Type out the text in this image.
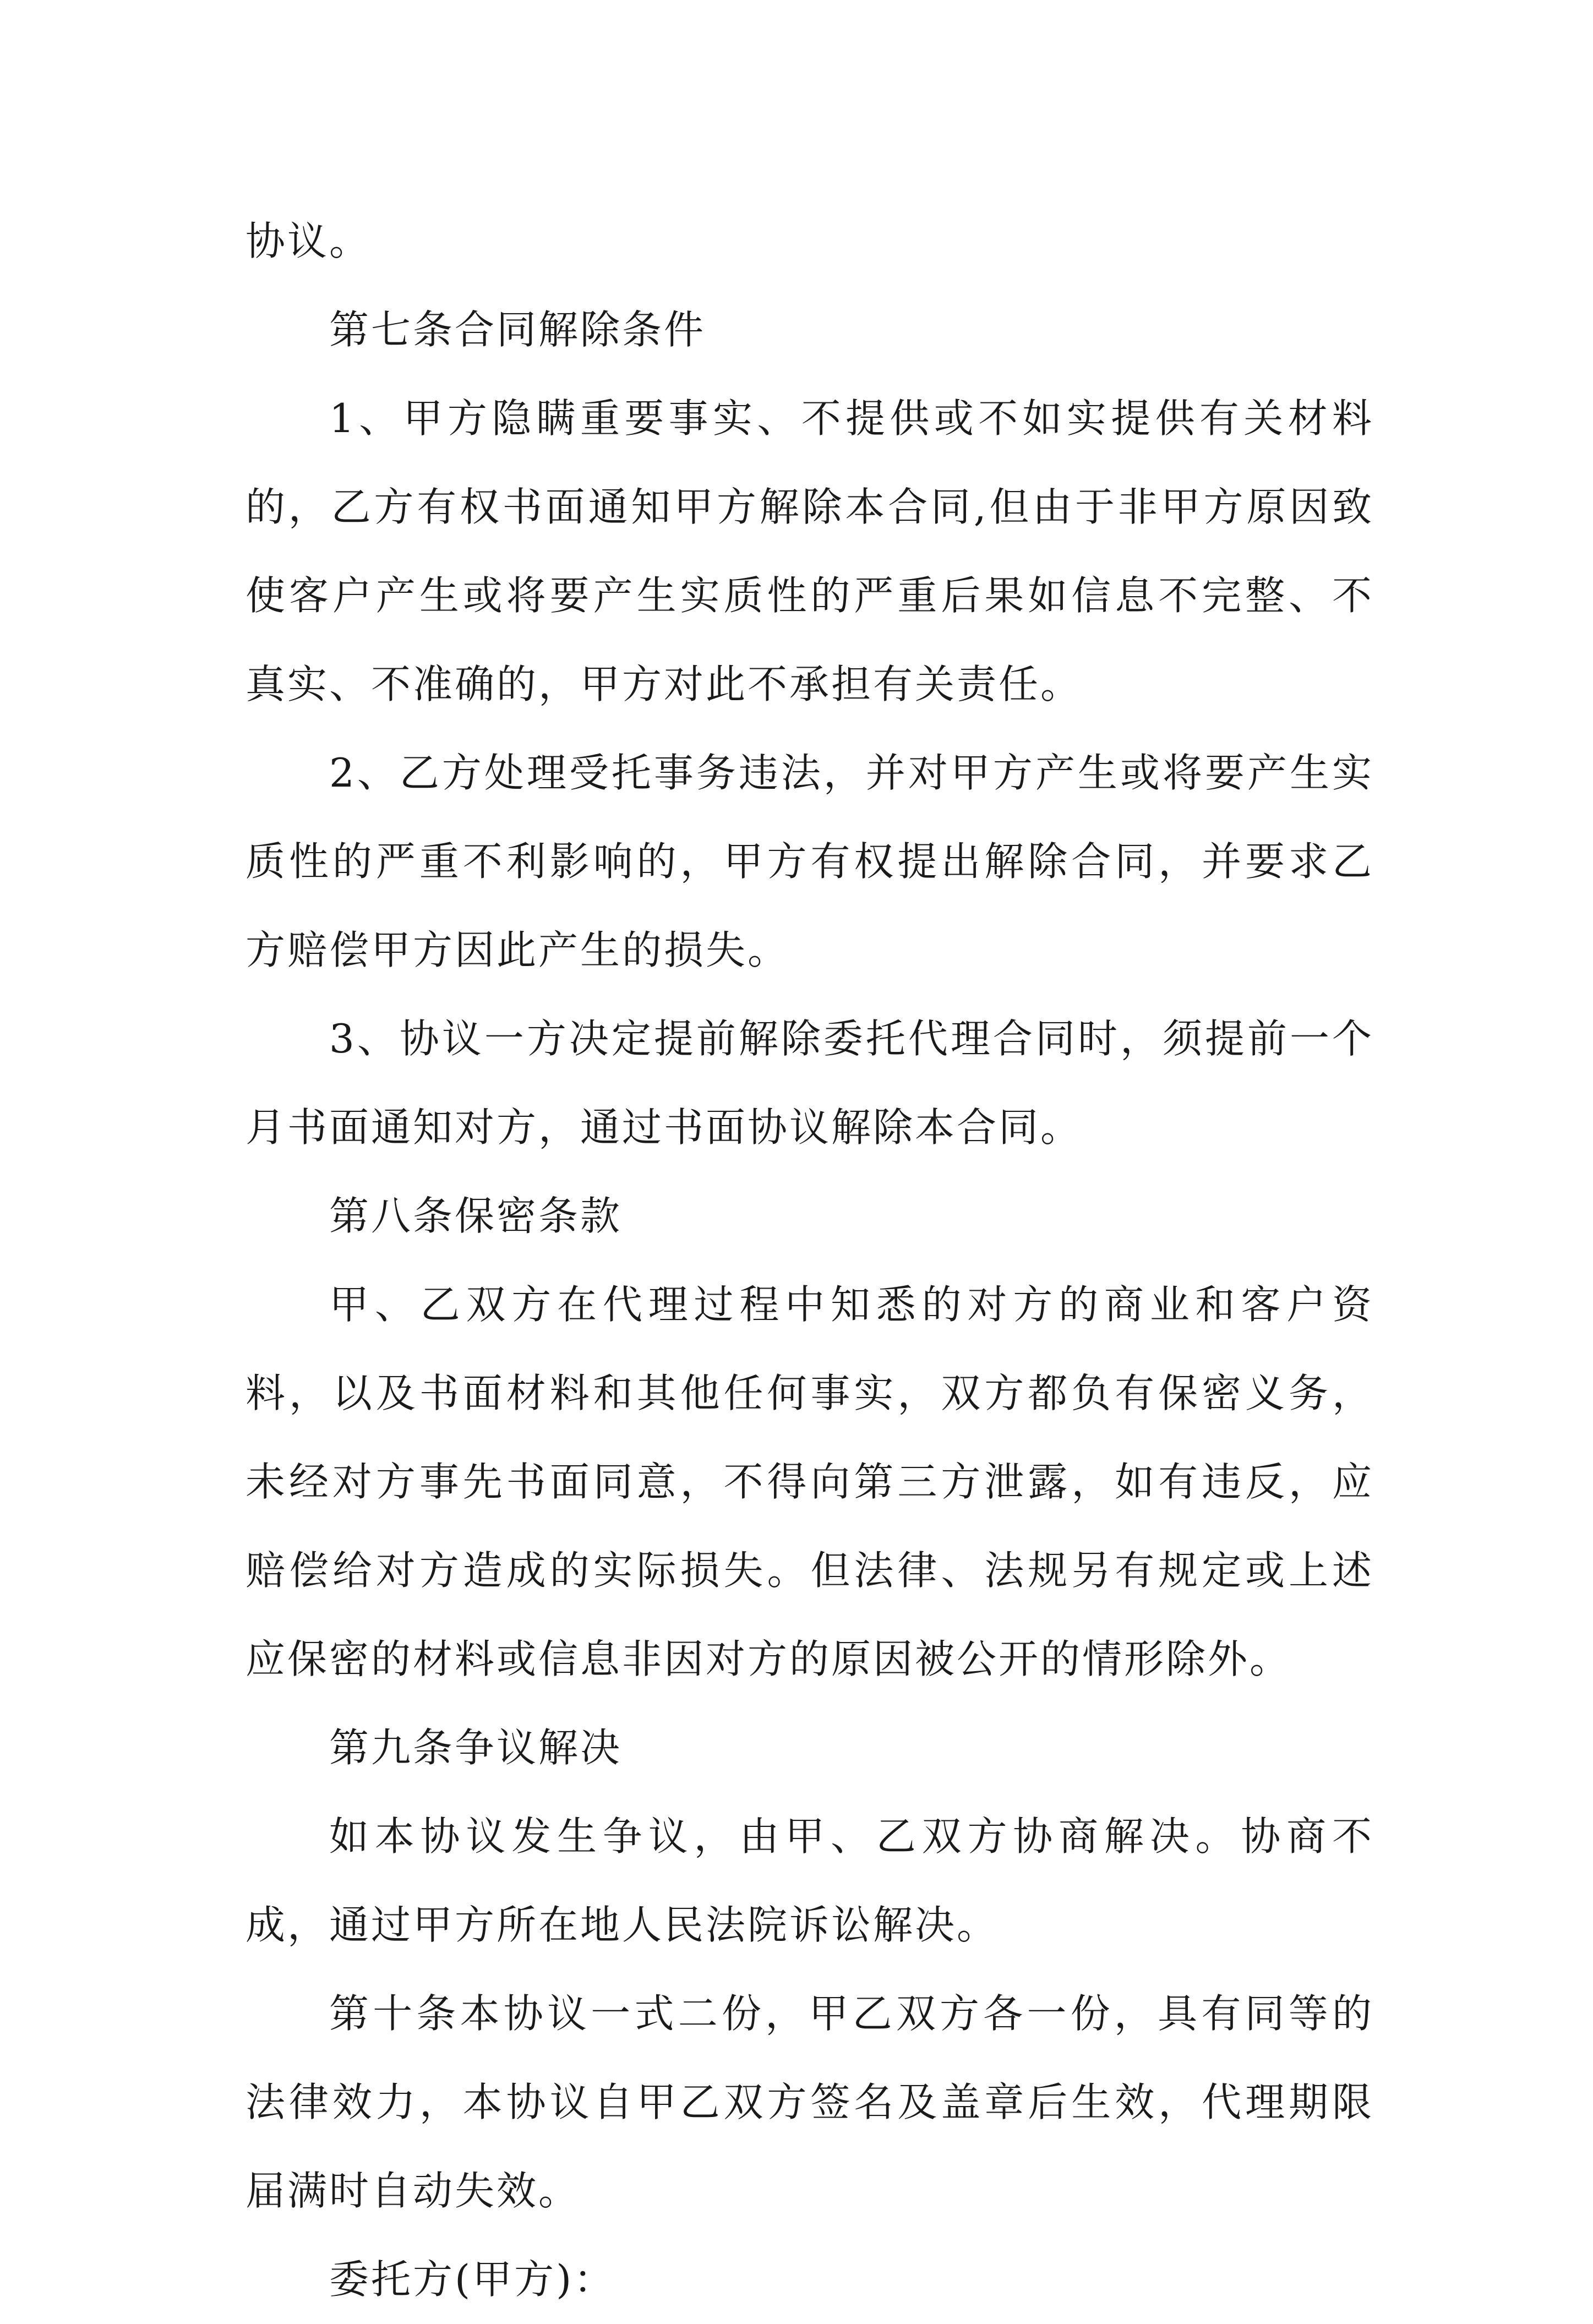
协议。

第七条合同解除条件

1、甲方隐瞒重要事实、不提供或不如实提供有关材料的，乙方有权书面通知甲方解除本合同,但由于非甲方原因致使客户产生或将要产生实质性的严重后果如信息不完整、不真实、不准确的，甲方对此不承担有关责任。

2、乙方处理受托事务违法，并对甲方产生或将要产生实质性的严重不利影响的，甲方有权提出解除合同，并要求乙方赔偿甲方因此产生的损失。

3、协议一方决定提前解除委托代理合同时，须提前一个月书面通知对方，通过书面协议解除本合同。

第八条保密条款

甲、乙双方在代理过程中知悉的对方的商业和客户资料，以及书面材料和其他任何事实，双方都负有保密义务，未经对方事先书面同意，不得向第三方泄露，如有违反，应赔偿给对方造成的实际损失。但法律、法规另有规定或上述应保密的材料或信息非因对方的原因被公开的情形除外。

第九条争议解决

如本协议发生争议，由甲、乙双方协商解决。协商不成，通过甲方所在地人民法院诉讼解决。

第十条本协议一式二份，甲乙双方各一份，具有同等的法律效力，本协议自甲乙双方签名及盖章后生效，代理期限届满时自动失效。

委托方(甲方)：
